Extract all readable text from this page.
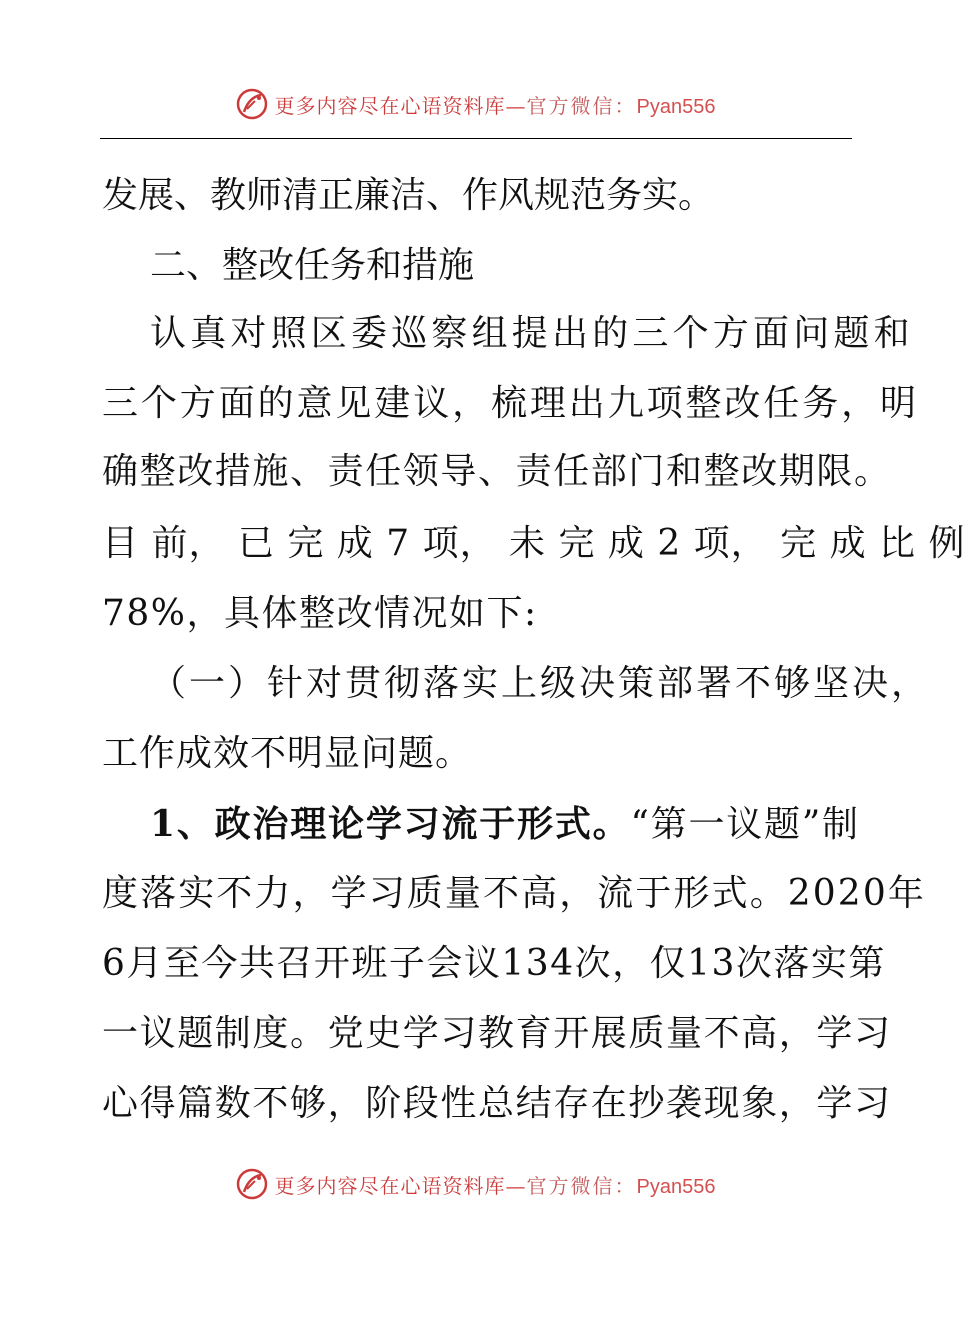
更多内容尽在心语资料库—官方微信：Pyan556
发展、教师清正廉洁、作风规范务实。
二、整改任务和措施
认真对照区委巡察组提出的三个方面问题和
三个方面的意见建议，梳理出九项整改任务，明
确整改措施、责任领导、责任部门和整改期限。
目 前， 已 完 成 7 项， 未 完 成 2 项， 完 成 比 例
78%，具体整改情况如下:
（一）针对贯彻落实上级决策部署不够坚决，
工作成效不明显问题。
1、政治理论学习流于形式。“第一议题”制
度落实不力，学习质量不高，流于形式。2020年
6月至今共召开班子会议134次，仅13次落实第
一议题制度。党史学习教育开展质量不高，学习
心得篇数不够，阶段性总结存在抄袭现象，学习
更多内容尽在心语资料库—官方微信：Pyan556
